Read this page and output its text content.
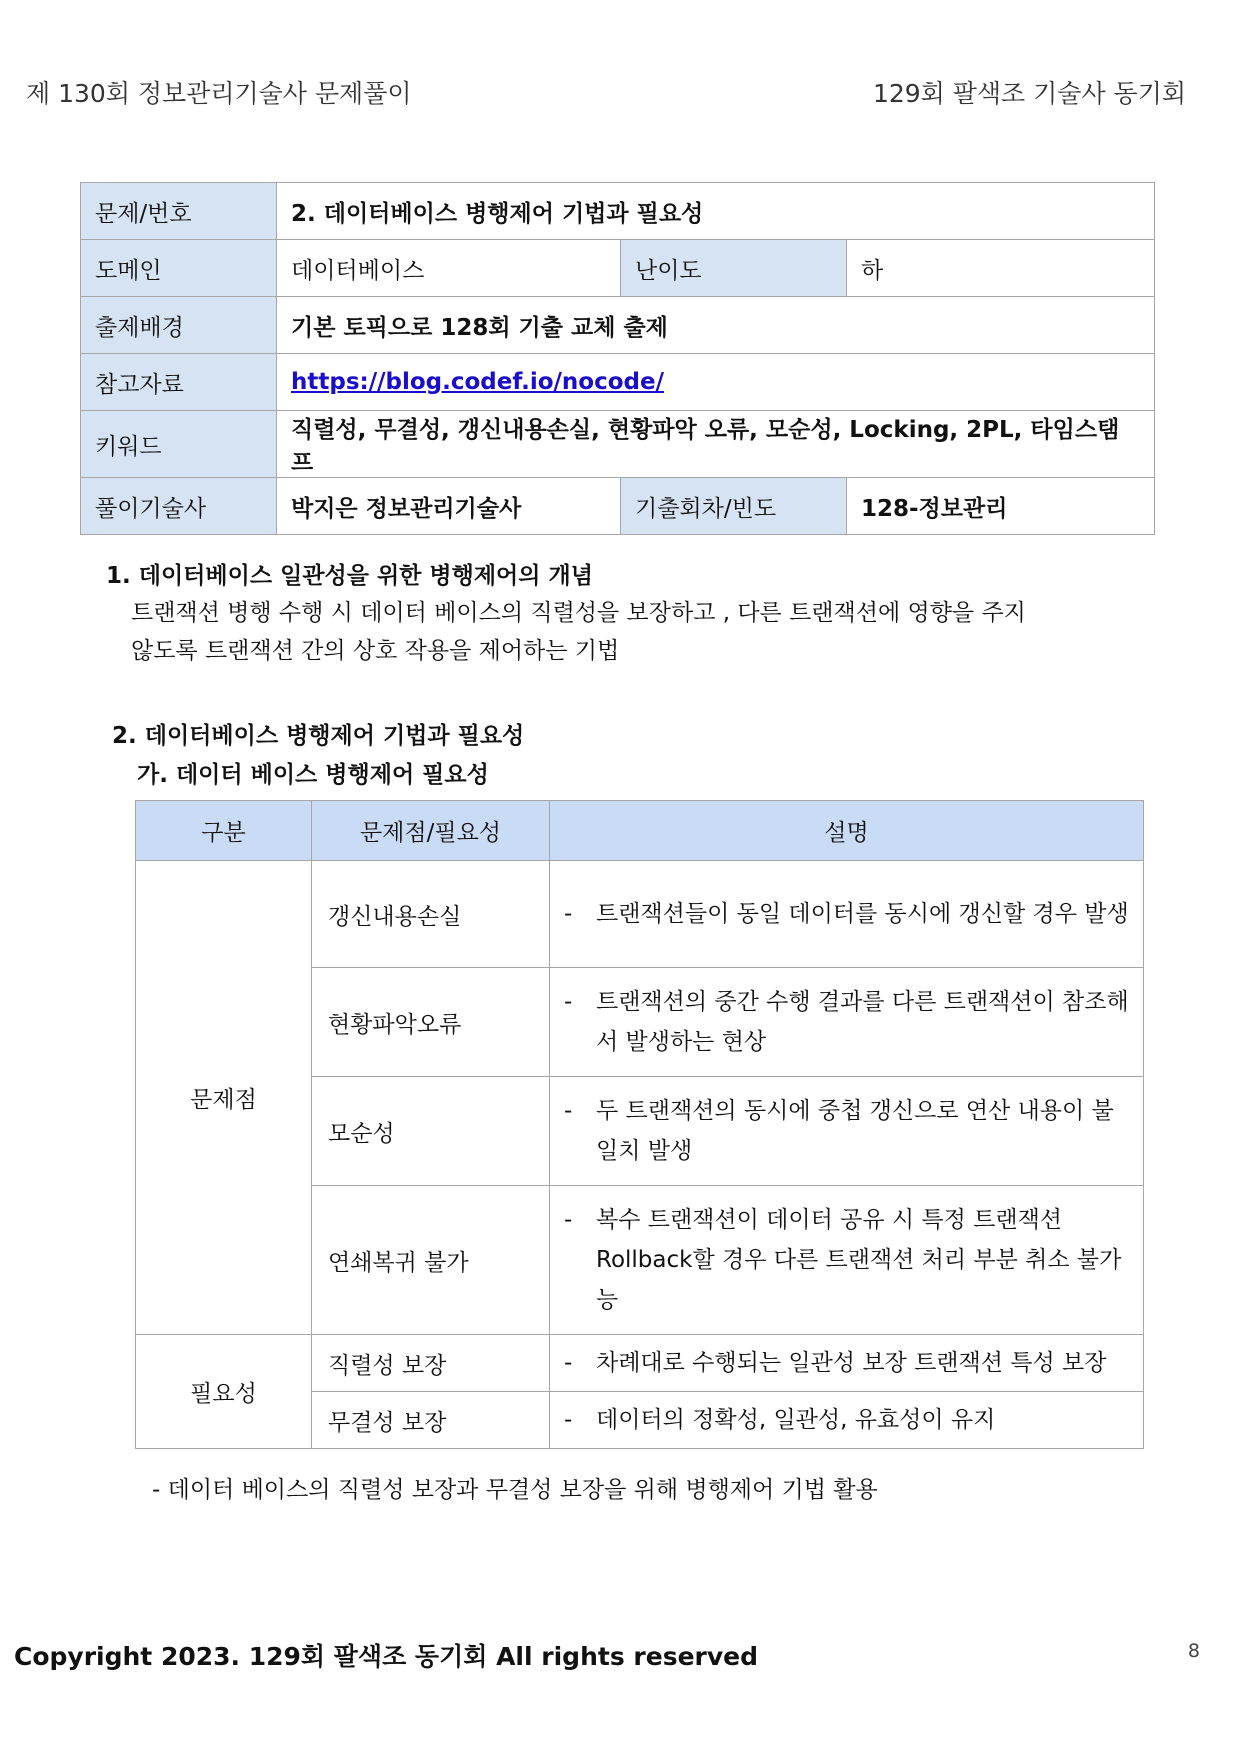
제 130회 정보관리기술사 문제풀이	129회 팔색조 기술사 동기회
문제/번호	2. 데이터베이스 병행제어 기법과 필요성		
도메인	데이터베이스	난이도	하
출제배경	기본 토픽으로 128회 기출 교체 출제		
참고자료	https://blog.codef.io/nocode/		
키워드	직렬성, 무결성, 갱신내용손실, 현황파악 오류, 모순성, Locking, 2PL, 타임스탬프		
풀이기술사	박지은 정보관리기술사	기출회차/빈도	128-정보관리
1. 데이터베이스 일관성을 위한 병행제어의 개념
트랜잭션 병행 수행 시 데이터 베이스의 직렬성을 보장하고 , 다른 트랜잭션에 영향을 주지
않도록 트랜잭션 간의 상호 작용을 제어하는 기법
2. 데이터베이스 병행제어 기법과 필요성
가. 데이터 베이스 병행제어 필요성
구분	문제점/필요성	설명
문제점	갱신내용손실	- 트랜잭션들이 동일 데이터를 동시에 갱신할 경우 발생

	현황파악오류	- 트랜잭션의 중간 수행 결과를 다른 트랜잭션이 참조해서 발생하는 현상

	모순성	- 두 트랜잭션의 동시에 중첩 갱신으로 연산 내용이 불일치 발생

	연쇄복귀 불가	- 복수 트랜잭션이 데이터 공유 시 특정 트랜잭션 Rollback할 경우 다른 트랜잭션 처리 부분 취소 불가능

필요성	직렬성 보장	- 차례대로 수행되는 일관성 보장 트랜잭션 특성 보장

	무결성 보장	- 데이터의 정확성, 일관성, 유효성이 유지
- 데이터 베이스의 직렬성 보장과 무결성 보장을 위해 병행제어 기법 활용
Copyright 2023. 129회 팔색조 동기회 All rights reserved	8
